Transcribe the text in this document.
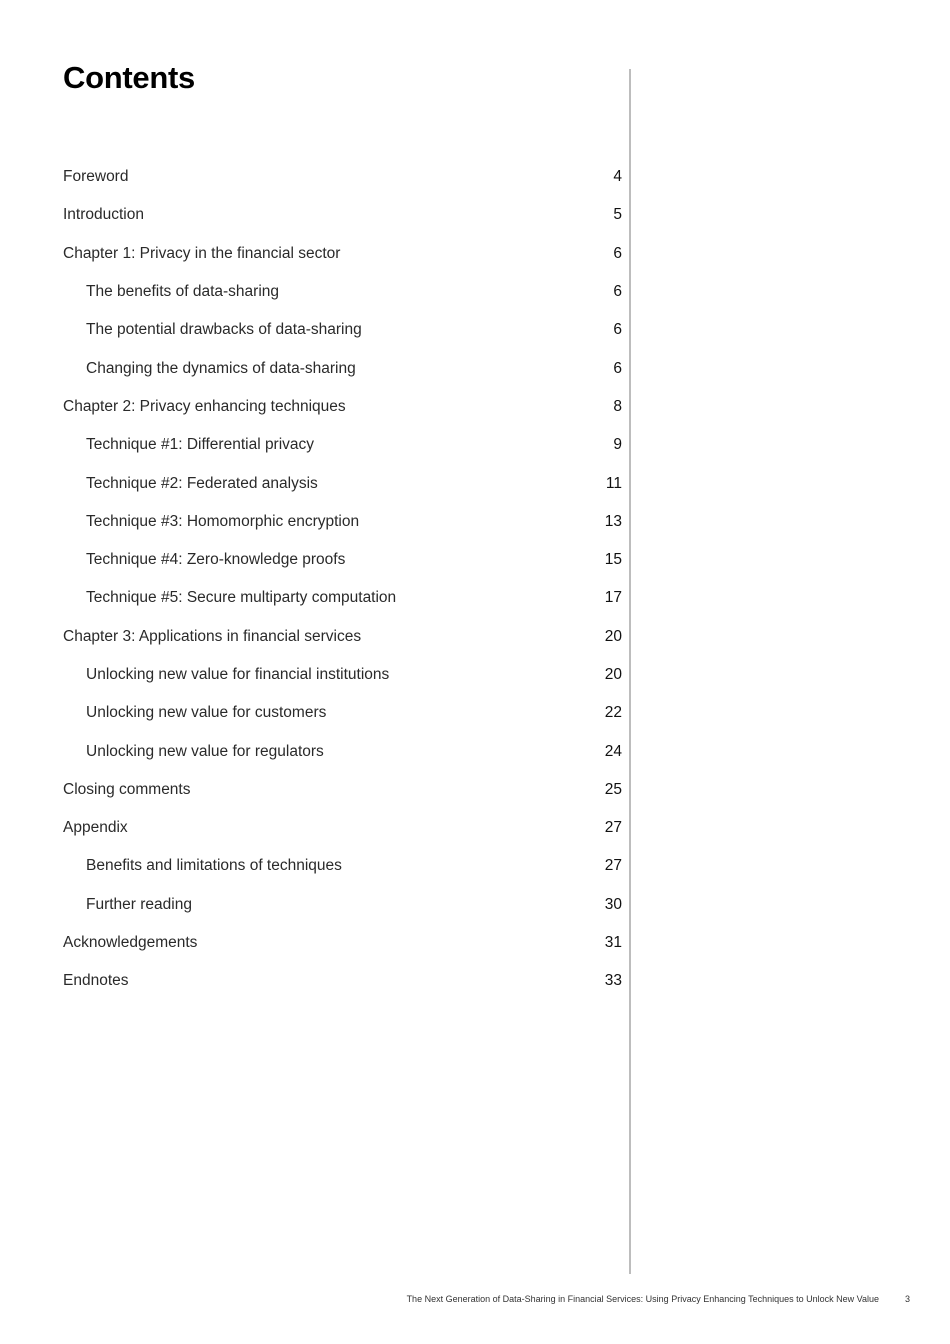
Contents
Foreword	4
Introduction	5
Chapter 1: Privacy in the financial sector	6
The benefits of data-sharing	6
The potential drawbacks of data-sharing	6
Changing the dynamics of data-sharing	6
Chapter 2: Privacy enhancing techniques	8
Technique #1: Differential privacy	9
Technique #2: Federated analysis	11
Technique #3: Homomorphic encryption	13
Technique #4: Zero-knowledge proofs	15
Technique #5: Secure multiparty computation	17
Chapter 3: Applications in financial services	20
Unlocking new value for financial institutions	20
Unlocking new value for customers	22
Unlocking new value for regulators	24
Closing comments	25
Appendix	27
Benefits and limitations of techniques	27
Further reading	30
Acknowledgements	31
Endnotes	33
The Next Generation of Data-Sharing in Financial Services: Using Privacy Enhancing Techniques to Unlock New Value	3
